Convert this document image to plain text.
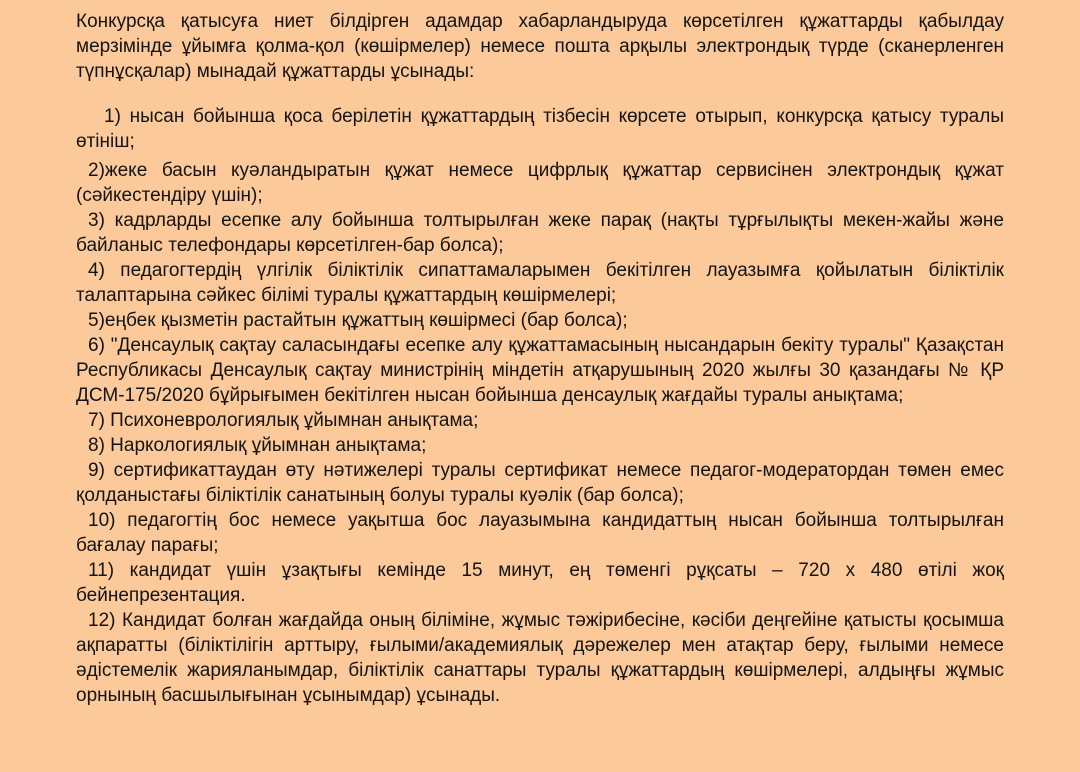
Конкурсқа қатысуға ниет білдірген адамдар хабарландыруда көрсетілген құжаттарды қабылдау мерзімінде ұйымға қолма-қол (көшірмелер) немесе пошта арқылы электрондық түрде (сканерленген түпнұсқалар) мынадай құжаттарды ұсынады:

1) нысан бойынша қоса берілетін құжаттардың тізбесін көрсете отырып, конкурсқа қатысу туралы өтініш;
2)жеке басын куәландыратын құжат немесе цифрлық құжаттар сервисінен электрондық құжат (сәйкестендіру үшін);
3) кадрларды есепке алу бойынша толтырылған жеке парақ (нақты тұрғылықты мекен-жайы және байланыс телефондары көрсетілген-бар болса);
4) педагогтердің үлгілік біліктілік сипаттамаларымен бекітілген лауазымға қойылатын біліктілік талаптарына сәйкес білімі туралы құжаттардың көшірмелері;
5)еңбек қызметін растайтын құжаттың көшірмесі (бар болса);
6) "Денсаулық сақтау саласындағы есепке алу құжаттамасының нысандарын бекіту туралы" Қазақстан Республикасы Денсаулық сақтау министрінің міндетін атқарушының 2020 жылғы 30 қазандағы № ҚР ДСМ-175/2020 бұйрығымен бекітілген нысан бойынша денсаулық жағдайы туралы анықтама;
7) Психоневрологиялық ұйымнан анықтама;
8) Наркологиялық ұйымнан анықтама;
9) сертификаттаудан өту нәтижелері туралы сертификат немесе педагог-модератордан төмен емес қолданыстағы біліктілік санатының болуы туралы куәлік (бар болса);
10) педагогтің бос немесе уақытша бос лауазымына кандидаттың нысан бойынша толтырылған бағалау парағы;
11) кандидат үшін ұзақтығы кемінде 15 минут, ең төменгі рұқсаты – 720 x 480 өтілі жоқ бейнепрезентация.
12) Кандидат болған жағдайда оның біліміне, жұмыс тәжірибесіне, кәсіби деңгейіне қатысты қосымша ақпаратты (біліктілігін арттыру, ғылыми/академиялық дәрежелер мен атақтар беру, ғылыми немесе әдістемелік жарияланымдар, біліктілік санаттары туралы құжаттардың көшірмелері, алдыңғы жұмыс орнының басшылығынан ұсынымдар) ұсынады.
